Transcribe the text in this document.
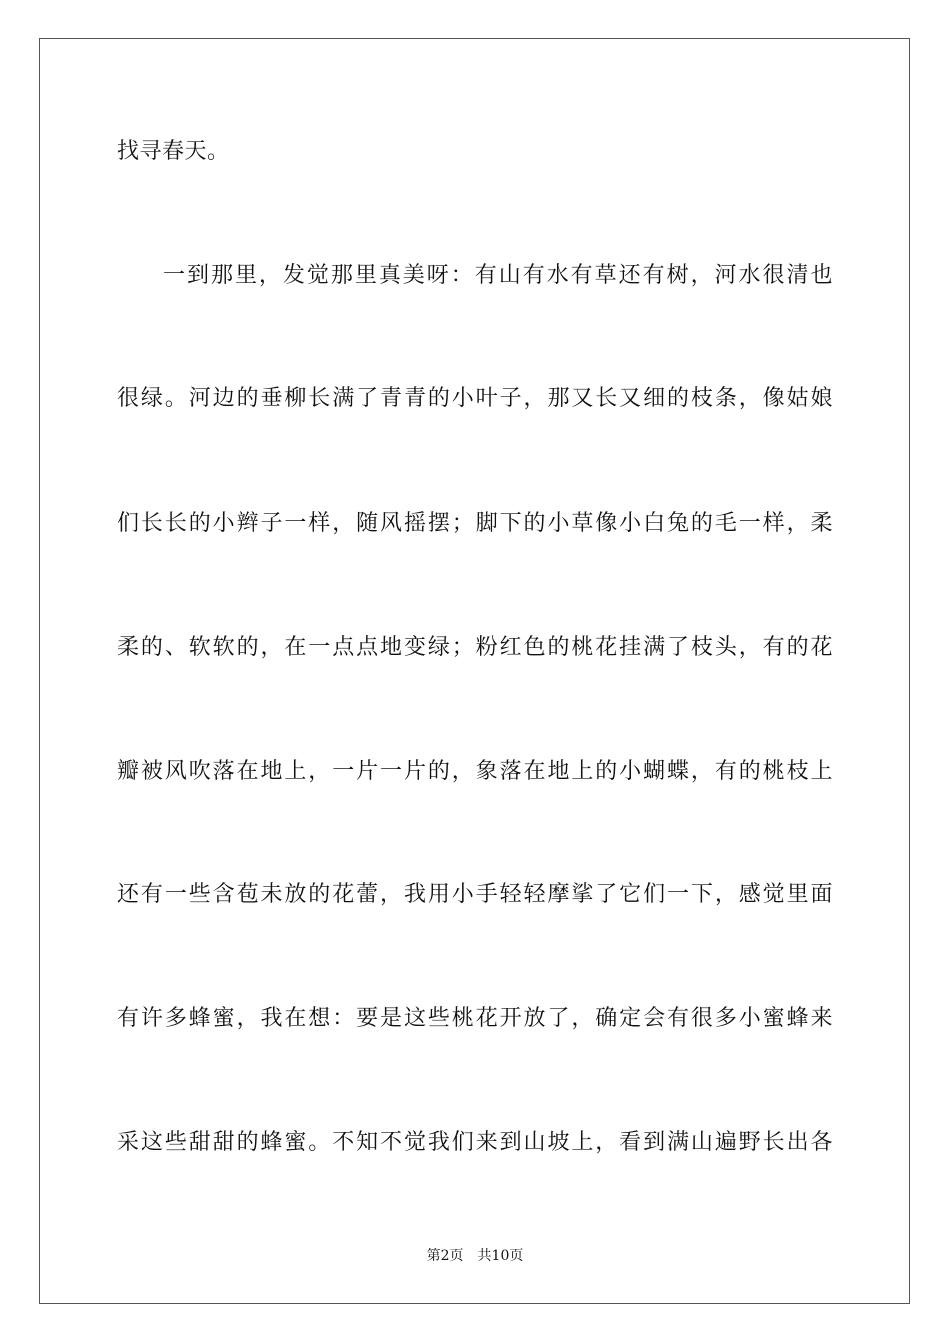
找寻春天。
一到那里，发觉那里真美呀：有山有水有草还有树，河水很清也
很绿。河边的垂柳长满了青青的小叶子，那又长又细的枝条，像姑娘
们长长的小辫子一样，随风摇摆；脚下的小草像小白兔的毛一样，柔
柔的、软软的，在一点点地变绿；粉红色的桃花挂满了枝头，有的花
瓣被风吹落在地上，一片一片的，象落在地上的小蝴蝶，有的桃枝上
还有一些含苞未放的花蕾，我用小手轻轻摩挲了它们一下，感觉里面
有许多蜂蜜，我在想：要是这些桃花开放了，确定会有很多小蜜蜂来
采这些甜甜的蜂蜜。不知不觉我们来到山坡上，看到满山遍野长出各
第2页 共10页
